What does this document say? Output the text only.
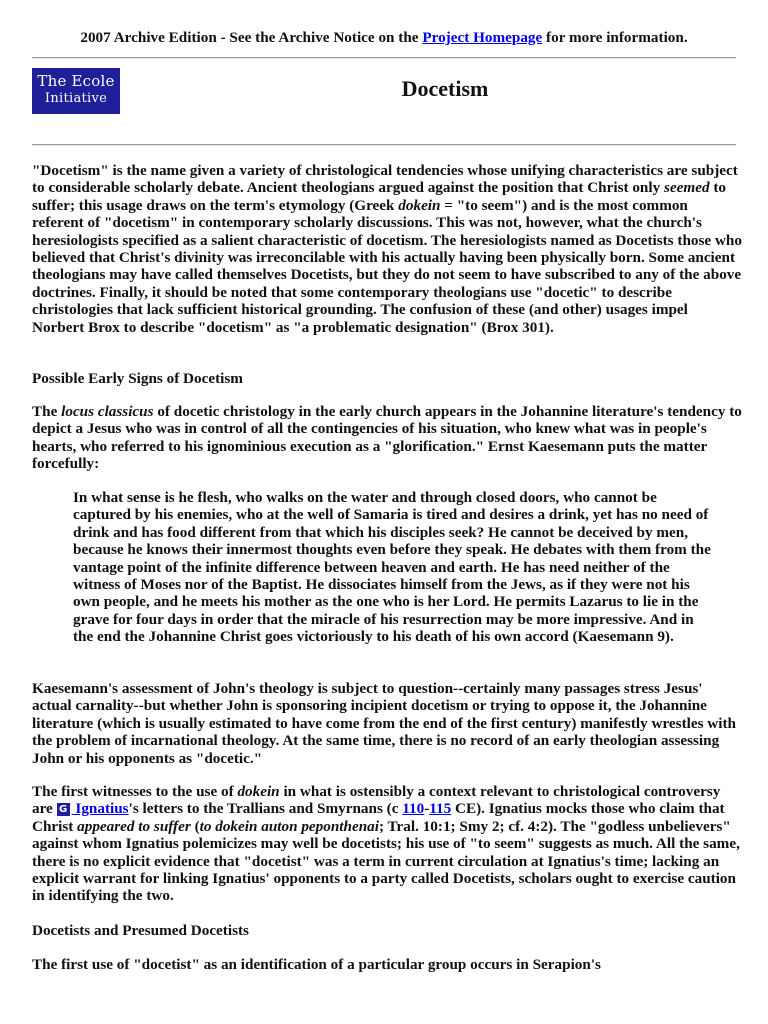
2007 Archive Edition - See the Archive Notice on the Project Homepage for more information.
The Ecole
Initiative	Docetism

"Docetism" is the name given a variety of christological tendencies whose unifying characteristics are subject to considerable scholarly debate. Ancient theologians argued against the position that Christ only seemed to suffer; this usage draws on the term's etymology (Greek dokein = "to seem") and is the most common referent of "docetism" in contemporary scholarly discussions. This was not, however, what the church's heresiologists specified as a salient characteristic of docetism. The heresiologists named as Docetists those who believed that Christ's divinity was irreconcilable with his actually having been physically born. Some ancient theologians may have called themselves Docetists, but they do not seem to have subscribed to any of the above doctrines. Finally, it should be noted that some contemporary theologians use "docetic" to describe christologies that lack sufficient historical grounding. The confusion of these (and other) usages impel Norbert Brox to describe "docetism" as "a problematic designation" (Brox 301).

Possible Early Signs of Docetism

The locus classicus of docetic christology in the early church appears in the Johannine literature's tendency to depict a Jesus who was in control of all the contingencies of his situation, who knew what was in people's hearts, who referred to his ignominious execution as a "glorification." Ernst Kaesemann puts the matter forcefully:

In what sense is he flesh, who walks on the water and through closed doors, who cannot be captured by his enemies, who at the well of Samaria is tired and desires a drink, yet has no need of drink and has food different from that which his disciples seek? He cannot be deceived by men, because he knows their innermost thoughts even before they speak. He debates with them from the vantage point of the infinite difference between heaven and earth. He has need neither of the witness of Moses nor of the Baptist. He dissociates himself from the Jews, as if they were not his own people, and he meets his mother as the one who is her Lord. He permits Lazarus to lie in the grave for four days in order that the miracle of his resurrection may be more impressive. And in the end the Johannine Christ goes victoriously to his death of his own accord (Kaesemann 9).

Kaesemann's assessment of John's theology is subject to question--certainly many passages stress Jesus' actual carnality--but whether John is sponsoring incipient docetism or trying to oppose it, the Johannine literature (which is usually estimated to have come from the end of the first century) manifestly wrestles with the problem of incarnational theology. At the same time, there is no record of an early theologian assessing John or his opponents as "docetic."

The first witnesses to the use of dokein in what is ostensibly a context relevant to christological controversy are G Ignatius's letters to the Trallians and Smyrnans (c 110-115 CE). Ignatius mocks those who claim that Christ appeared to suffer (to dokein auton peponthenai; Tral. 10:1; Smy 2; cf. 4:2). The "godless unbelievers" against whom Ignatius polemicizes may well be docetists; his use of "to seem" suggests as much. All the same, there is no explicit evidence that "docetist" was a term in current circulation at Ignatius's time; lacking an explicit warrant for linking Ignatius' opponents to a party called Docetists, scholars ought to exercise caution in identifying the two.

Docetists and Presumed Docetists

The first use of "docetist" as an identification of a particular group occurs in Serapion's
